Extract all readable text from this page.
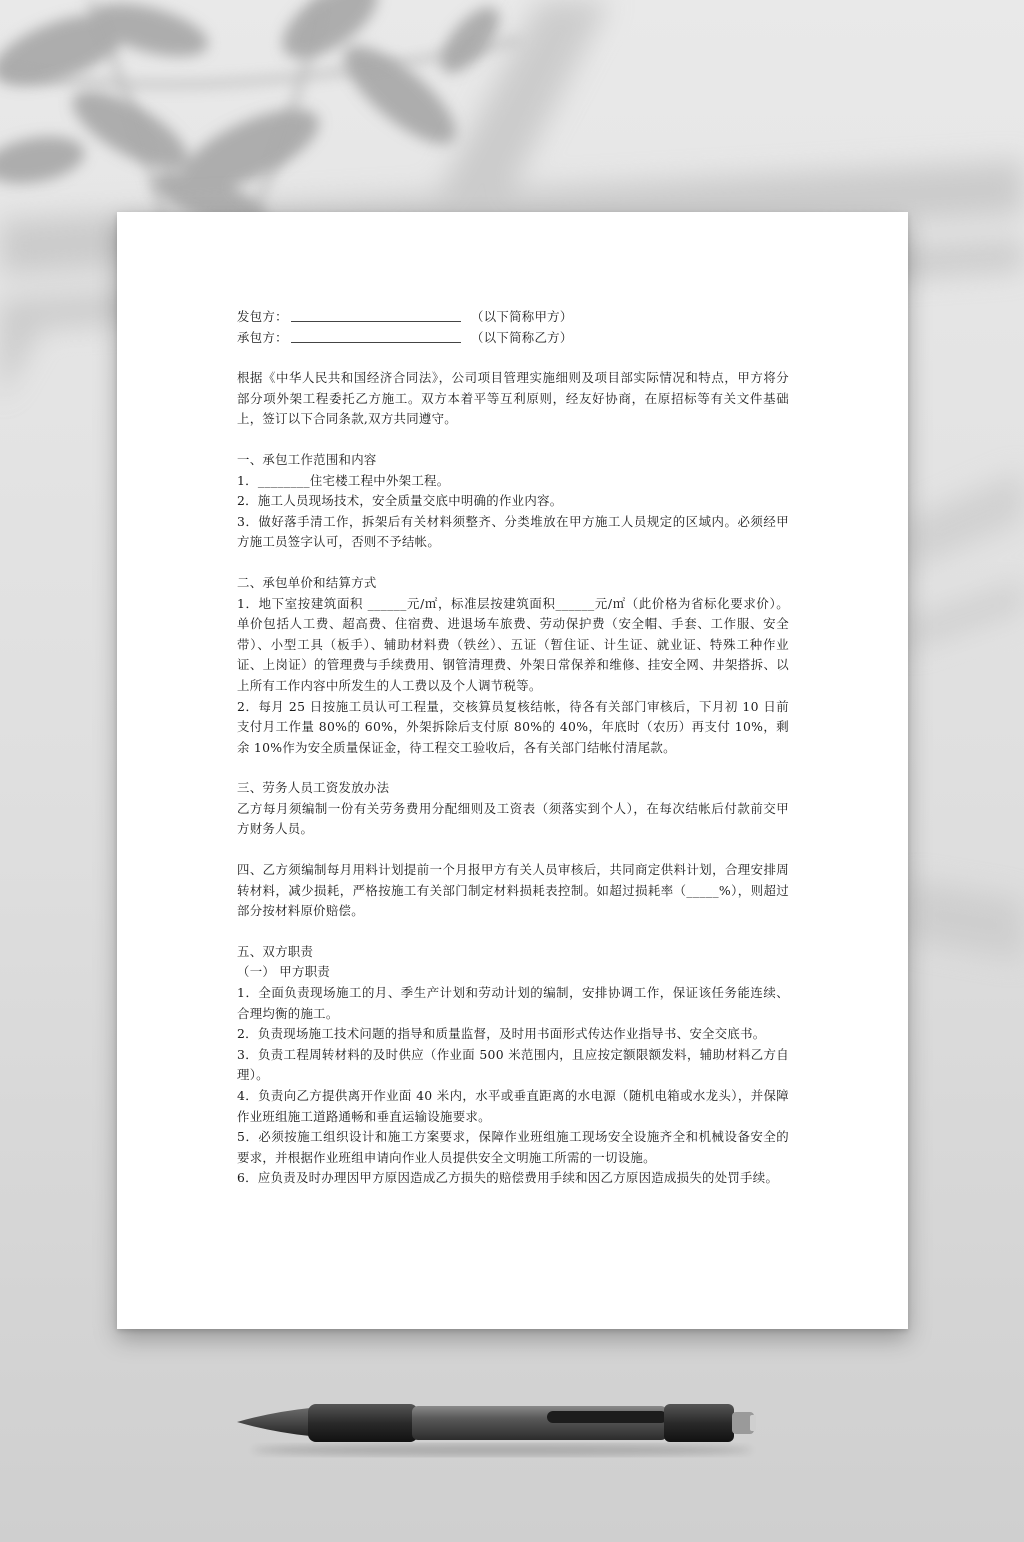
发包方：	（以下简称甲方）
承包方：	（以下简称乙方）

根据《中华人民共和国经济合同法》，公司项目管理实施细则及项目部实际情况和特点，甲方将分部分项外架工程委托乙方施工。双方本着平等互利原则，经友好协商，在原招标等有关文件基础上，签订以下合同条款,双方共同遵守。

一、承包工作范围和内容

1．________住宅楼工程中外架工程。

2．施工人员现场技术，安全质量交底中明确的作业内容。

3．做好落手清工作，拆架后有关材料须整齐、分类堆放在甲方施工人员规定的区域内。必须经甲方施工员签字认可，否则不予结帐。

二、承包单价和结算方式

1．地下室按建筑面积 ______元/㎡，标准层按建筑面积______元/㎡（此价格为省标化要求价）。 单价包括人工费、超高费、住宿费、进退场车旅费、劳动保护费（安全帽、手套、工作服、安全带）、小型工具（板手）、辅助材料费（铁丝）、五证（暂住证、计生证、就业证、特殊工种作业证、上岗证）的管理费与手续费用、钢管清理费、外架日常保养和维修、挂安全网、井架搭拆、以上所有工作内容中所发生的人工费以及个人调节税等。

2．每月 25 日按施工员认可工程量，交核算员复核结帐，待各有关部门审核后，下月初 10 日前支付月工作量 80%的 60%，外架拆除后支付原 80%的 40%，年底时（农历）再支付 10%，剩余 10%作为安全质量保证金，待工程交工验收后，各有关部门结帐付清尾款。

三、劳务人员工资发放办法

乙方每月须编制一份有关劳务费用分配细则及工资表（须落实到个人），在每次结帐后付款前交甲方财务人员。

四、乙方须编制每月用料计划提前一个月报甲方有关人员审核后，共同商定供料计划，合理安排周转材料，减少损耗，严格按施工有关部门制定材料损耗表控制。如超过损耗率（_____%），则超过部分按材料原价赔偿。

五、双方职责

（一） 甲方职责

1．全面负责现场施工的月、季生产计划和劳动计划的编制，安排协调工作，保证该任务能连续、合理均衡的施工。

2．负责现场施工技术问题的指导和质量监督，及时用书面形式传达作业指导书、安全交底书。

3．负责工程周转材料的及时供应（作业面 500 米范围内，且应按定额限额发料，辅助材料乙方自理）。

4．负责向乙方提供离开作业面 40 米内，水平或垂直距离的水电源（随机电箱或水龙头），并保障作业班组施工道路通畅和垂直运输设施要求。

5．必须按施工组织设计和施工方案要求，保障作业班组施工现场安全设施齐全和机械设备安全的要求，并根据作业班组申请向作业人员提供安全文明施工所需的一切设施。

6．应负责及时办理因甲方原因造成乙方损失的赔偿费用手续和因乙方原因造成损失的处罚手续。
